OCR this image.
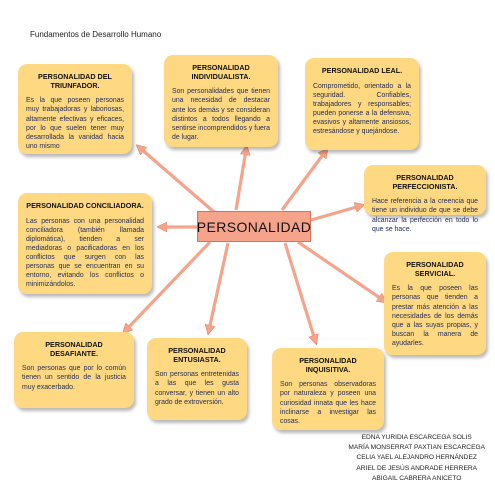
Fundamentos de Desarrollo Humano
PERSONALIDAD DEL
TRIUNFADOR.
Es la que poseen personas muy trabajadoras y laboriosas, altamente efectivas y eficaces, por lo que suelen tener muy desarrollada la vanidad hacia uno mismo
PERSONALIDAD
INDIVIDUALISTA.
Son personalidades que tienen una necesidad de destacar ante los demás y se consideran distintos a todos llegando a sentirse incomprendidos y fuera de lugar.
PERSONALIDAD LEAL.
Comprometido, orientado a la seguridad. Confiables, trabajadores y responsables; pueden ponerse a la defensiva, evasivos y altamente ansiosos, estresándose y quejándose.
PERSONALIDAD PERFECCIONISTA.
Hace referencia a la creencia que tiene un individuo de que se debe alcanzar la perfección en todo lo que se hace.
PERSONALIDAD CONCILIADORA.
Las personas con una personalidad conciliadora (también llamada diplomática), tienden a ser mediadoras o pacificadoras en los conflictos que surgen con las personas que se encuentran en su entorno, evitando los conflictos o minimizándolos.
PERSONALIDAD
SERVICIAL.
Es la que poseen las personas que tienden a prestar más atención a las necesidades de los demás que a las suyas propias, y buscan la manera de ayudarles.
PERSONALIDAD
DESAFIANTE.
Son personas que por lo común tienen un sentido de la justicia muy exacerbado.
PERSONALIDAD
ENTUSIASTA.
Son personas entretenidas a las que les gusta conversar, y tienen un alto grado de extroversión.
PERSONALIDAD
INQUISITIVA.
Son personas observadoras por naturaleza y poseen una curiosidad innata que les hace inclinarse a investigar las cosas.
PERSONALIDAD
EDNA YURIDIA ESCARCEGA SOLIS
MARÍA MONSERRAT PAXTIAN ESCARCEGA
CELIA YAEL ALEJANDRO HERNÁNDEZ
ARIEL DE JESÚS ANDRADE HERRERA
ABIGAIL CABRERA ANICETO
